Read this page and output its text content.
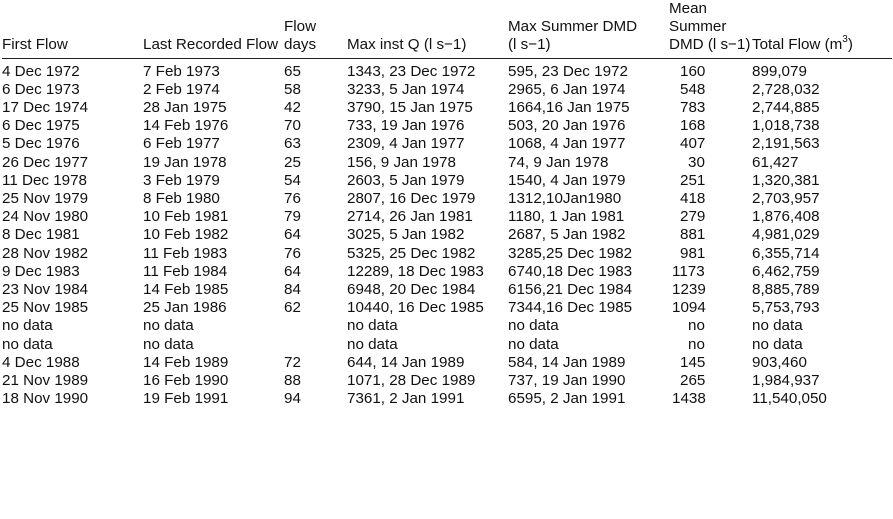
First Flow	Last Recorded Flow	Flow days	Max inst Q (l s−1)	Max Summer DMD (l s−1)	Mean Summer DMD (l s−1)	Total Flow $(m^3)$
4 Dec 1972	7 Feb 1973	65	1343, 23 Dec 1972	595, 23 Dec 1972	160	899,079
6 Dec 1973	2 Feb 1974	58	3233, 5 Jan 1974	2965, 6 Jan 1974	548	2,728,032
17 Dec 1974	28 Jan 1975	42	3790, 15 Jan 1975	1664,16 Jan 1975	783	2,744,885
6 Dec 1975	14 Feb 1976	70	733, 19 Jan 1976	503, 20 Jan 1976	168	1,018,738
5 Dec 1976	6 Feb 1977	63	2309, 4 Jan 1977	1068, 4 Jan 1977	407	2,191,563
26 Dec 1977	19 Jan 1978	25	156, 9 Jan 1978	74, 9 Jan 1978	30	61,427
11 Dec 1978	3 Feb 1979	54	2603, 5 Jan 1979	1540, 4 Jan 1979	251	1,320,381
25 Nov 1979	8 Feb 1980	76	2807, 16 Dec 1979	1312,10Jan1980	418	2,703,957
24 Nov 1980	10 Feb 1981	79	2714, 26 Jan 1981	1180, 1 Jan 1981	279	1,876,408
8 Dec 1981	10 Feb 1982	64	3025, 5 Jan 1982	2687, 5 Jan 1982	881	4,981,029
28 Nov 1982	11 Feb 1983	76	5325, 25 Dec 1982	3285,25 Dec 1982	981	6,355,714
9 Dec 1983	11 Feb 1984	64	12289, 18 Dec 1983	6740,18 Dec 1983	1173	6,462,759
23 Nov 1984	14 Feb 1985	84	6948, 20 Dec 1984	6156,21 Dec 1984	1239	8,885,789
25 Nov 1985	25 Jan 1986	62	10440, 16 Dec 1985	7344,16 Dec 1985	1094	5,753,793
no data	no data		no data	no data	no	no data
no data	no data		no data	no data	no	no data
4 Dec 1988	14 Feb 1989	72	644, 14 Jan 1989	584, 14 Jan 1989	145	903,460
21 Nov 1989	16 Feb 1990	88	1071, 28 Dec 1989	737, 19 Jan 1990	265	1,984,937
18 Nov 1990	19 Feb 1991	94	7361, 2 Jan 1991	6595, 2 Jan 1991	1438	11,540,050
